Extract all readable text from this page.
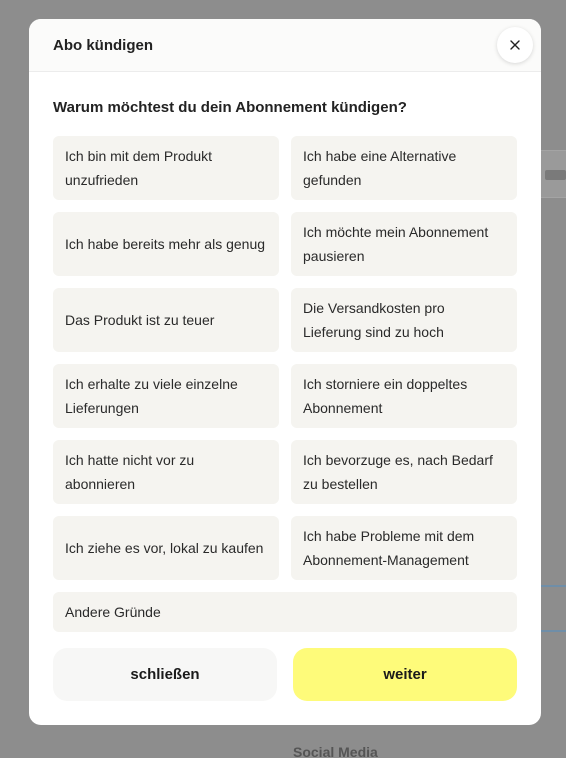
Social Media
Abo kündigen
Warum möchtest du dein Abonnement kündigen?
Ich bin mit dem Produkt unzufrieden
Ich habe eine Alternative gefunden
Ich habe bereits mehr als genug
Ich möchte mein Abonnement pausieren
Das Produkt ist zu teuer
Die Versandkosten pro Lieferung sind zu hoch
Ich erhalte zu viele einzelne Lieferungen
Ich storniere ein doppeltes Abonnement
Ich hatte nicht vor zu abonnieren
Ich bevorzuge es, nach Bedarf zu bestellen
Ich ziehe es vor, lokal zu kaufen
Ich habe Probleme mit dem Abonnement-Management
Andere Gründe
schließen	weiter
